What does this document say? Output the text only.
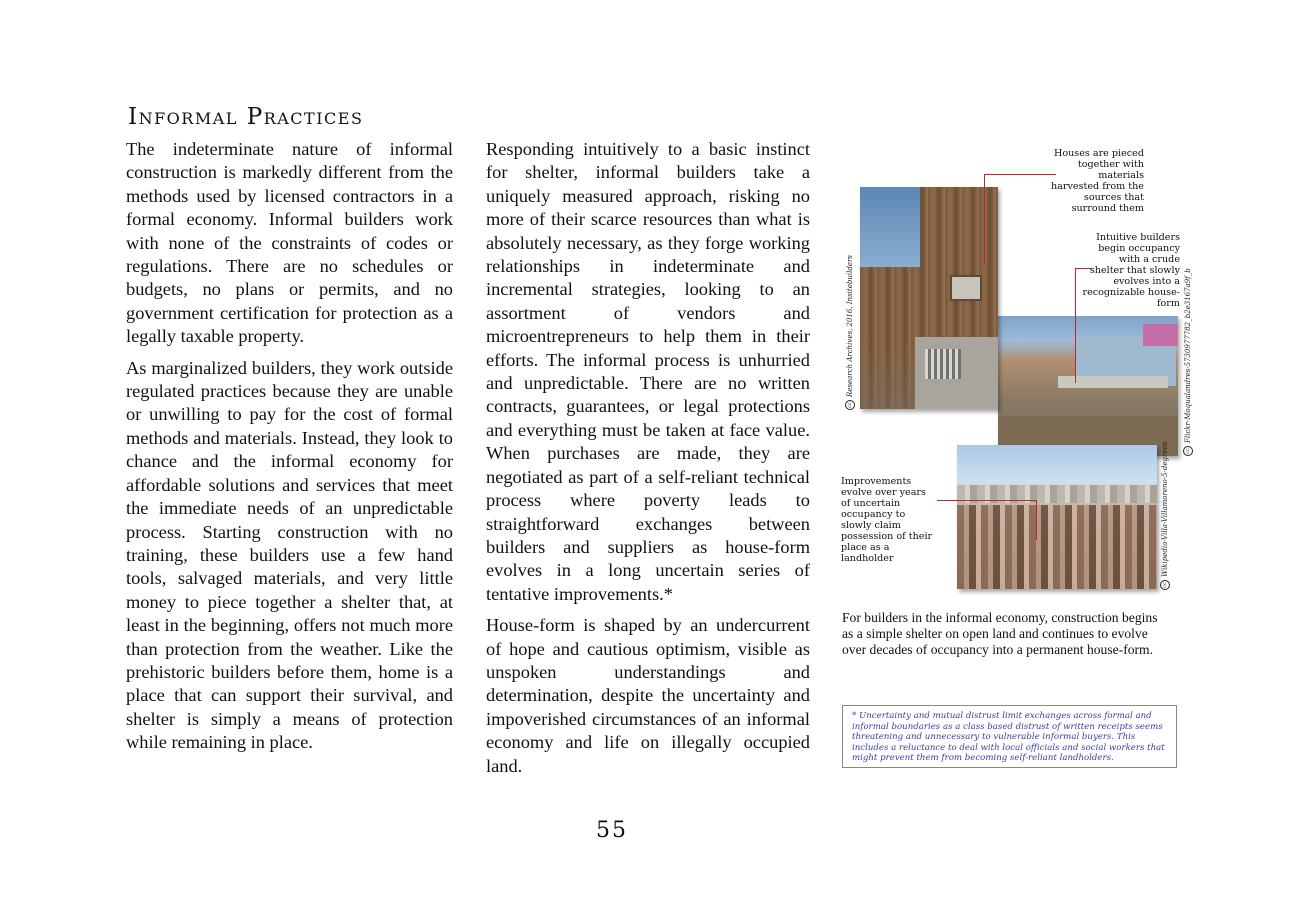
Informal Practices

The indeterminate nature of informal construction is markedly different from the methods used by licensed contractors in a formal economy. Informal builders work with none of the constraints of codes or regulations. There are no schedules or budgets, no plans or permits, and no government certification for protection as a legally taxable property.

As marginalized builders, they work outside regulated practices because they are unable or unwilling to pay for the cost of formal methods and materials. Instead, they look to chance and the informal economy for affordable solutions and services that meet the immediate needs of an unpredictable process. Starting construction with no training, these builders use a few hand tools, salvaged materials, and very little money to piece together a shelter that, at least in the beginning, offers not much more than protection from the weather. Like the prehistoric builders before them, home is a place that can support their survival, and shelter is simply a means of protection while remaining in place.

Responding intuitively to a basic instinct for shelter, informal builders take a uniquely measured approach, risking no more of their scarce resources than what is absolutely necessary, as they forge working relationships in indeterminate and incremental strategies, looking to an assortment of vendors and microentrepreneurs to help them in their efforts. The informal process is unhurried and unpredictable. There are no written contracts, guarantees, or legal protections and everything must be taken at face value. When purchases are made, they are negotiated as part of a self-reliant technical process where poverty leads to straightforward exchanges between builders and suppliers as house-form evolves in a long uncertain series of tentative improvements.*

House-form is shaped by an undercurrent of hope and cautious optimism, visible as unspoken understandings and determination, despite the uncertainty and impoverished circumstances of an informal economy and life on illegally occupied land.

Houses are pieced together with materials harvested from the sources that surround them
Intuitive builders begin occupancy with a crude shelter that slowly evolves into a recognizable house-form
Improvements evolve over years of uncertain occupancy to slowly claim possession of their place as a landholder
ccResearch Archives, 2016, Insitebuilders
ccFlickr-Moqualandres-5730977782_b2e3167a9f_b
ccWikipedia-Villa-Villamoreno-5-degrees
For builders in the informal economy, construction begins as a simple shelter on open land and continues to evolve over decades of occupancy into a permanent house-form.
* Uncertainty and mutual distrust limit exchanges across formal and informal boundaries as a class based distrust of written receipts seems threatening and unnecessary to vulnerable informal buyers. This includes a reluctance to deal with local officials and social workers that might prevent them from becoming self-reliant landholders.
55
